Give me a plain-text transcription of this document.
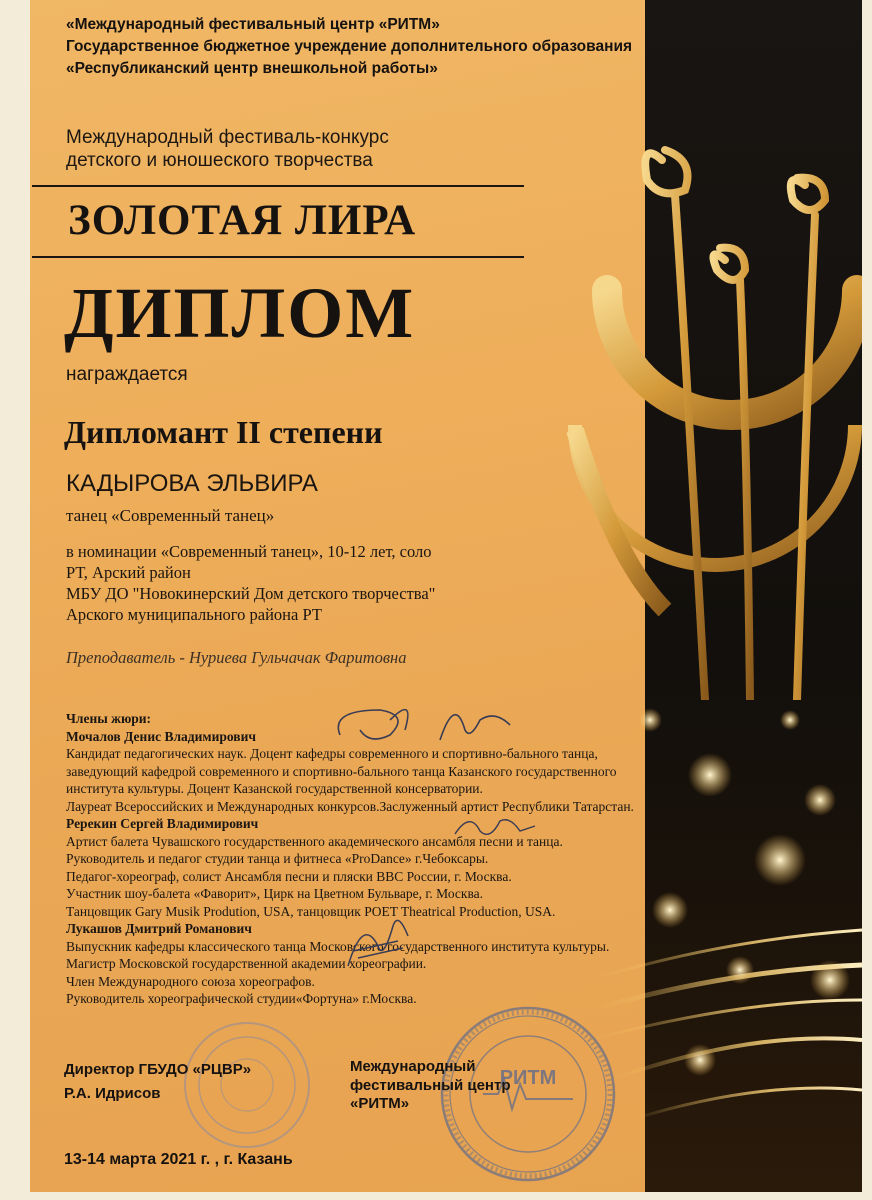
«Международный фестивальный центр «РИТМ»
Государственное бюджетное учреждение дополнительного образования
«Республиканский центр внешкольной работы»
Международный фестиваль-конкурс
детского и юношеского творчества
ЗОЛОТАЯ ЛИРА
ДИПЛОМ
награждается
Дипломант II степени
КАДЫРОВА ЭЛЬВИРА
танец «Современный танец»
в номинации «Современный танец», 10-12 лет, соло
РТ, Арский район
МБУ ДО "Новокинерский Дом детского творчества"
Арского муниципального района РТ
Преподаватель - Нуриева Гульчачак Фаритовна
Члены жюри:
Мочалов Денис Владимирович
Кандидат педагогических наук. Доцент кафедры современного и спортивно-бального танца,
заведующий кафедрой современного и спортивно-бального танца Казанского государственного
института культуры. Доцент Казанской государственной консерватории.
Лауреат Всероссийских и Международных конкурсов.Заслуженный артист Республики Татарстан.
Ререкин Сергей Владимирович
Артист балета Чувашского государственного академического ансамбля песни и танца.
Руководитель и педагог студии танца и фитнеса «ProDance» г.Чебоксары.
Педагог-хореограф, солист Ансамбля песни и пляски ВВС России, г. Москва.
Участник шоу-балета «Фаворит», Цирк на Цветном Бульваре, г. Москва.
Танцовщик Gary Musik Prodution, USA, танцовщик POET Theatrical Production, USA.
Лукашов Дмитрий Романович
Выпускник кафедры классического танца Московского государственного института культуры.
Магистр Московской государственной академии хореографии.
Член Международного союза хореографов.
Руководитель хореографической студии«Фортуна» г.Москва.
РИТМ
Директор ГБУДО «РЦВР»
Р.А. Идрисов
Международный
фестивальный центр
«РИТМ»
13-14 марта 2021 г. , г. Казань
